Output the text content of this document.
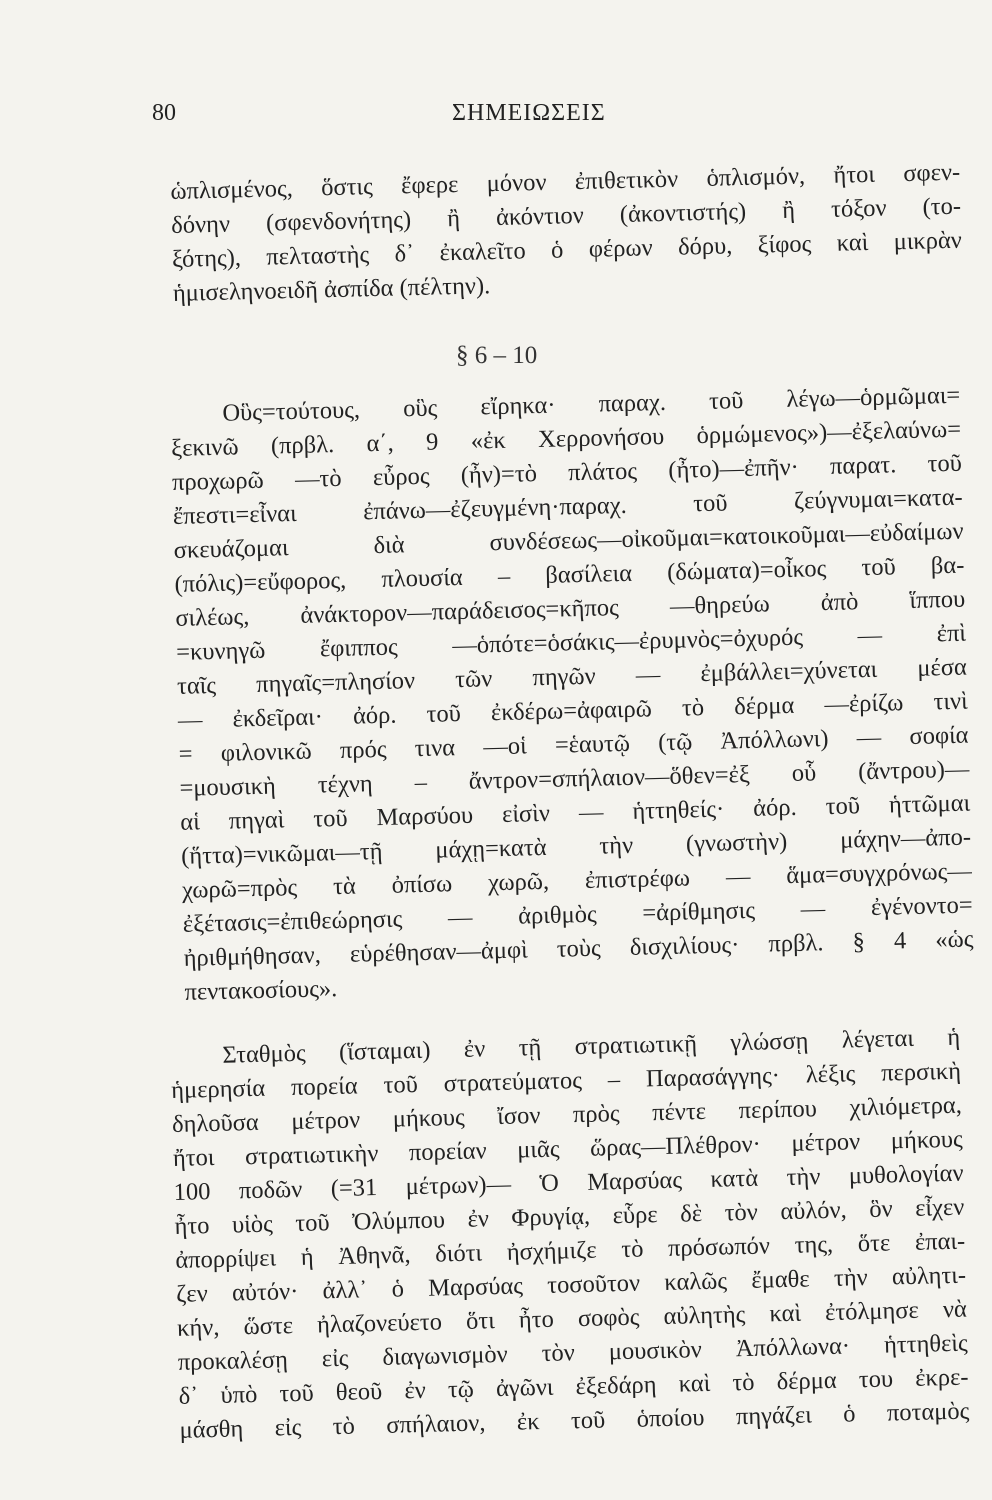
80	ΣΗΜΕΙΩΣΕΙΣ
ὡπλισμένος, ὅστις ἔφερε μόνον ἐπιθετικὸν ὁπλισμόν, ἤτοι σφεν-
δόνην (σφενδονήτης) ἢ ἀκόντιον (ἀκοντιστής) ἢ τόξον (το-
ξότης), πελταστὴς δ᾽ ἐκαλεῖτο ὁ φέρων δόρυ, ξίφος καὶ μικρὰν
ἡμισεληνοειδῆ ἀσπίδα (πέλτην).
§ 6 – 10
Οὓς=τούτους, οὓς εἴρηκα· παραχ. τοῦ λέγω—ὁρμῶμαι=
ξεκινῶ (πρβλ. α΄, 9 «ἐκ Χερρονήσου ὁρμώμενος»)—ἐξελαύνω=
προχωρῶ —τὸ εὖρος (ἦν)=τὸ πλάτος (ἦτο)—ἐπῆν· παρατ. τοῦ
ἔπεστι=εἶναι ἐπάνω—ἐζευγμένη·παραχ. τοῦ ζεύγνυμαι=κατα-
σκευάζομαι διὰ συνδέσεως—οἰκοῦμαι=κατοικοῦμαι—εὐδαίμων
(πόλις)=εὔφορος, πλουσία – βασίλεια (δώματα)=οἶκος τοῦ βα-
σιλέως, ἀνάκτορον—παράδεισος=κῆπος —θηρεύω ἀπὸ ἵππου
=κυνηγῶ ἔφιππος —ὁπότε=ὁσάκις—ἐρυμνὸς=ὀχυρός — ἐπὶ
ταῖς πηγαῖς=πλησίον τῶν πηγῶν — ἐμβάλλει=χύνεται μέσα
— ἐκδεῖραι· ἀόρ. τοῦ ἐκδέρω=ἀφαιρῶ τὸ δέρμα —ἐρίζω τινὶ
= φιλονικῶ πρός τινα —οἱ =ἑαυτῷ (τῷ Ἀπόλλωνι) — σοφία
=μουσικὴ τέχνη – ἄντρον=σπήλαιον—ὅθεν=ἐξ οὗ (ἄντρου)—
αἱ πηγαὶ τοῦ Μαρσύου εἰσὶν — ἡττηθείς· ἀόρ. τοῦ ἡττῶμαι
(ἥττα)=νικῶμαι—τῇ μάχῃ=κατὰ τὴν (γνωστὴν) μάχην—ἀπο-
χωρῶ=πρὸς τὰ ὀπίσω χωρῶ, ἐπιστρέφω — ἅμα=συγχρόνως—
ἐξέτασις=ἐπιθεώρησις — ἀριθμὸς =ἀρίθμησις — ἐγένοντο=
ἠριθμήθησαν, εὑρέθησαν—ἀμφὶ τοὺς δισχιλίους· πρβλ. § 4 «ὡς
πεντακοσίους».
Σταθμὸς (ἵσταμαι) ἐν τῇ στρατιωτικῇ γλώσσῃ λέγεται ἡ
ἡμερησία πορεία τοῦ στρατεύματος – Παρασάγγης· λέξις περσικὴ
δηλοῦσα μέτρον μήκους ἴσον πρὸς πέντε περίπου χιλιόμετρα,
ἤτοι στρατιωτικὴν πορείαν μιᾶς ὥρας—Πλέθρον· μέτρον μήκους
100 ποδῶν (=31 μέτρων)— Ὁ Μαρσύας κατὰ τὴν μυθολογίαν
ἦτο υἱὸς τοῦ Ὀλύμπου ἐν Φρυγίᾳ, εὗρε δὲ τὸν αὐλόν, ὃν εἶχεν
ἀπορρίψει ἡ Ἀθηνᾶ, διότι ἠσχήμιζε τὸ πρόσωπόν της, ὅτε ἐπαι-
ζεν αὐτόν· ἀλλ᾽ ὁ Μαρσύας τοσοῦτον καλῶς ἔμαθε τὴν αὐλητι-
κήν, ὥστε ἠλαζονεύετο ὅτι ἦτο σοφὸς αὐλητὴς καὶ ἐτόλμησε νὰ
προκαλέσῃ εἰς διαγωνισμὸν τὸν μουσικὸν Ἀπόλλωνα· ἡττηθεὶς
δ᾽ ὑπὸ τοῦ θεοῦ ἐν τῷ ἀγῶνι ἐξεδάρη καὶ τὸ δέρμα του ἐκρε-
μάσθη εἰς τὸ σπήλαιον, ἐκ τοῦ ὁποίου πηγάζει ὁ ποταμὸς
